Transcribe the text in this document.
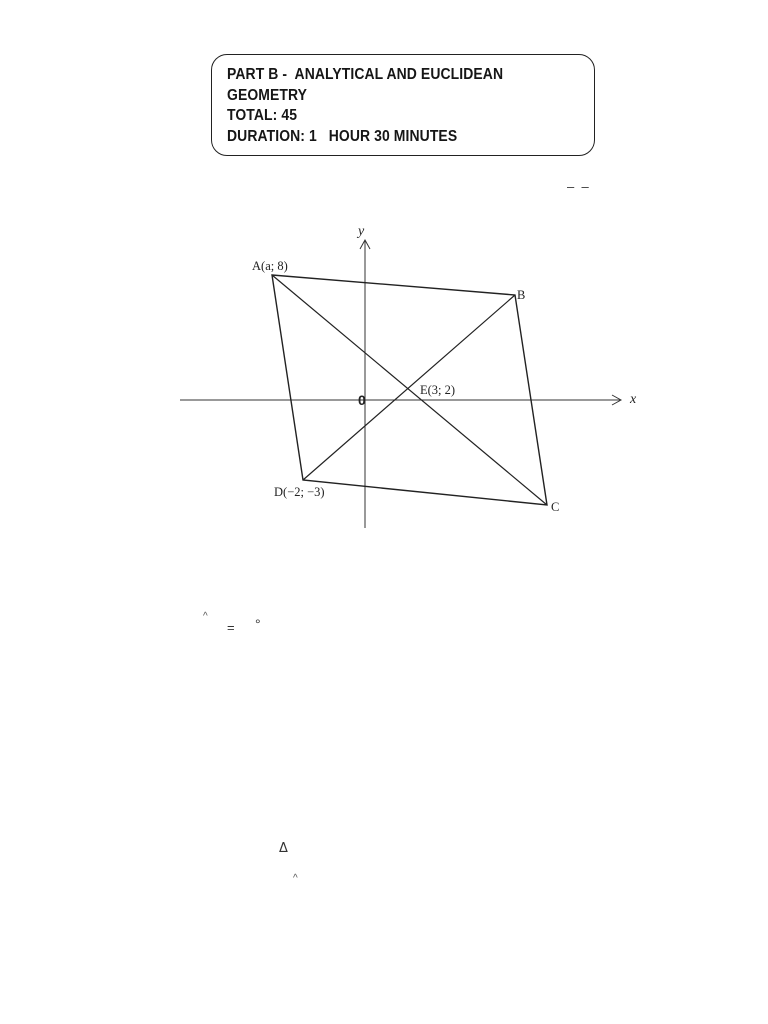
PART B -  ANALYTICAL AND EUCLIDEAN
GEOMETRY
TOTAL: 45
DURATION: 1   HOUR 30 MINUTES
–  –
x
y
0
A(a; 8)
B
C
D(−2; −3)
E(3; 2)
^
= °
Δ
^
